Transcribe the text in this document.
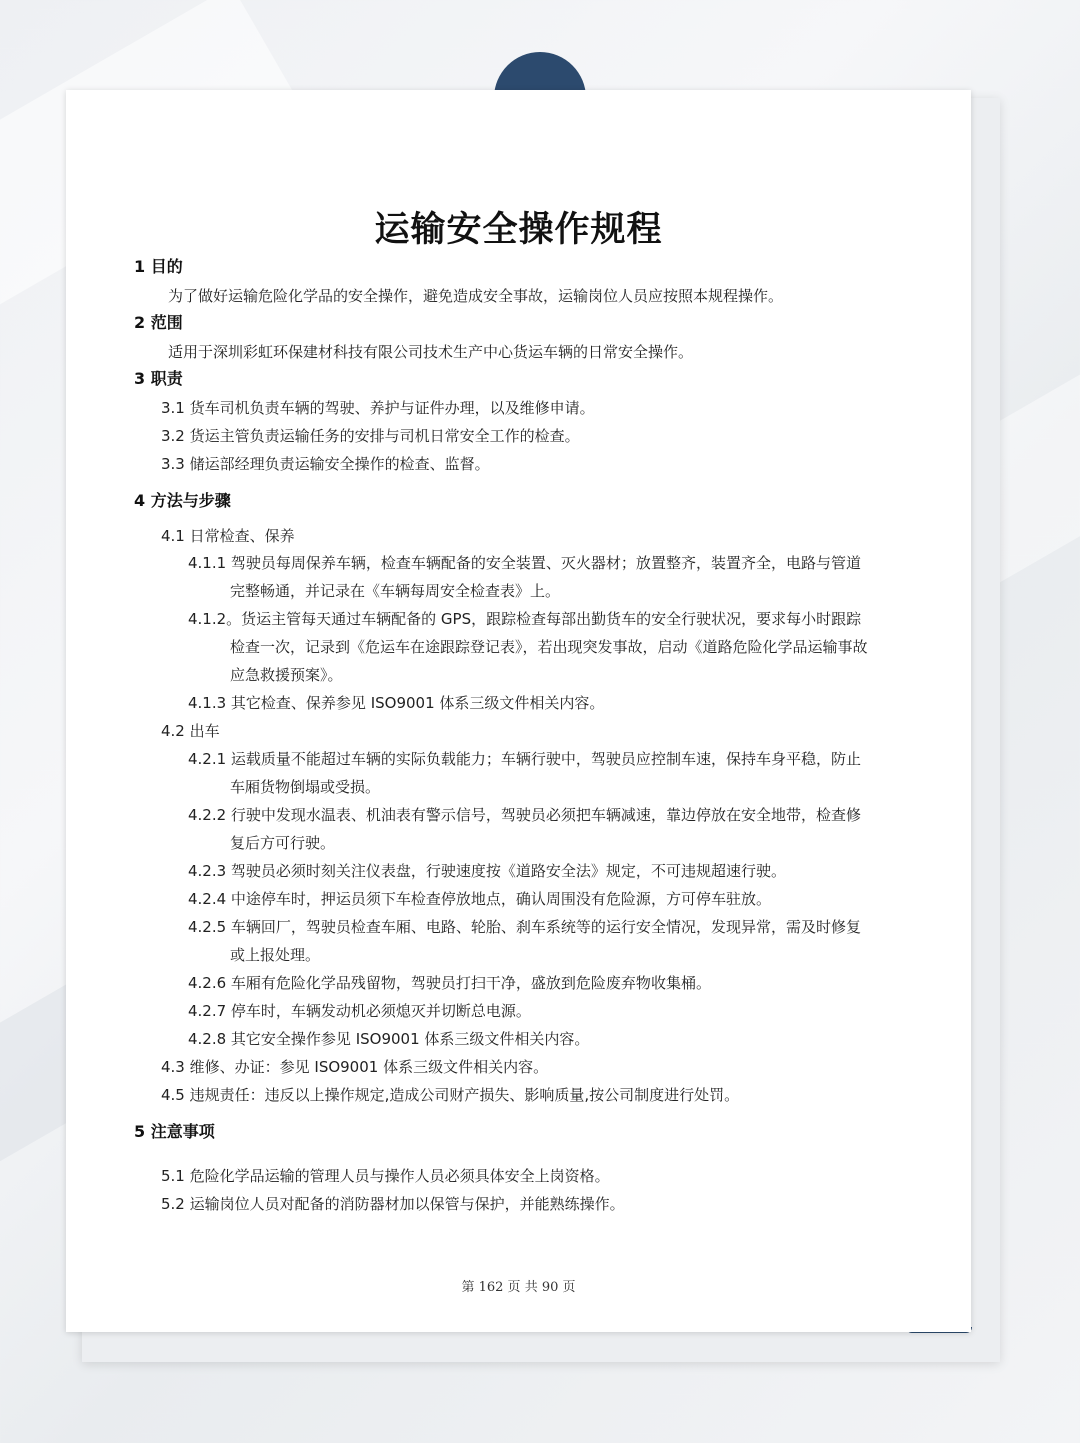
运输安全操作规程
1 目的
为了做好运输危险化学品的安全操作，避免造成安全事故，运输岗位人员应按照本规程操作。
2 范围
适用于深圳彩虹环保建材科技有限公司技术生产中心货运车辆的日常安全操作。
3 职责
3.1 货车司机负责车辆的驾驶、养护与证件办理，以及维修申请。
3.2 货运主管负责运输任务的安排与司机日常安全工作的检查。
3.3 储运部经理负责运输安全操作的检查、监督。
4 方法与步骤
4.1 日常检查、保养
4.1.1 驾驶员每周保养车辆，检查车辆配备的安全装置、灭火器材；放置整齐，装置齐全，电路与管道
完整畅通，并记录在《车辆每周安全检查表》上。
4.1.2。货运主管每天通过车辆配备的 GPS，跟踪检查每部出勤货车的安全行驶状况，要求每小时跟踪
检查一次，记录到《危运车在途跟踪登记表》，若出现突发事故，启动《道路危险化学品运输事故
应急救援预案》。
4.1.3 其它检查、保养参见 ISO9001 体系三级文件相关内容。
4.2 出车
4.2.1 运载质量不能超过车辆的实际负载能力；车辆行驶中，驾驶员应控制车速，保持车身平稳，防止
车厢货物倒塌或受损。
4.2.2 行驶中发现水温表、机油表有警示信号，驾驶员必须把车辆减速，靠边停放在安全地带，检查修
复后方可行驶。
4.2.3 驾驶员必须时刻关注仪表盘，行驶速度按《道路安全法》规定，不可违规超速行驶。
4.2.4 中途停车时，押运员须下车检查停放地点，确认周围没有危险源，方可停车驻放。
4.2.5 车辆回厂，驾驶员检查车厢、电路、轮胎、刹车系统等的运行安全情况，发现异常，需及时修复
或上报处理。
4.2.6 车厢有危险化学品残留物，驾驶员打扫干净，盛放到危险废弃物收集桶。
4.2.7 停车时，车辆发动机必须熄灭并切断总电源。
4.2.8 其它安全操作参见 ISO9001 体系三级文件相关内容。
4.3 维修、办证：参见 ISO9001 体系三级文件相关内容。
4.5 违规责任：违反以上操作规定,造成公司财产损失、影响质量,按公司制度进行处罚。
5 注意事项
5.1 危险化学品运输的管理人员与操作人员必须具体安全上岗资格。
5.2 运输岗位人员对配备的消防器材加以保管与保护，并能熟练操作。
第 162 页 共 90 页
